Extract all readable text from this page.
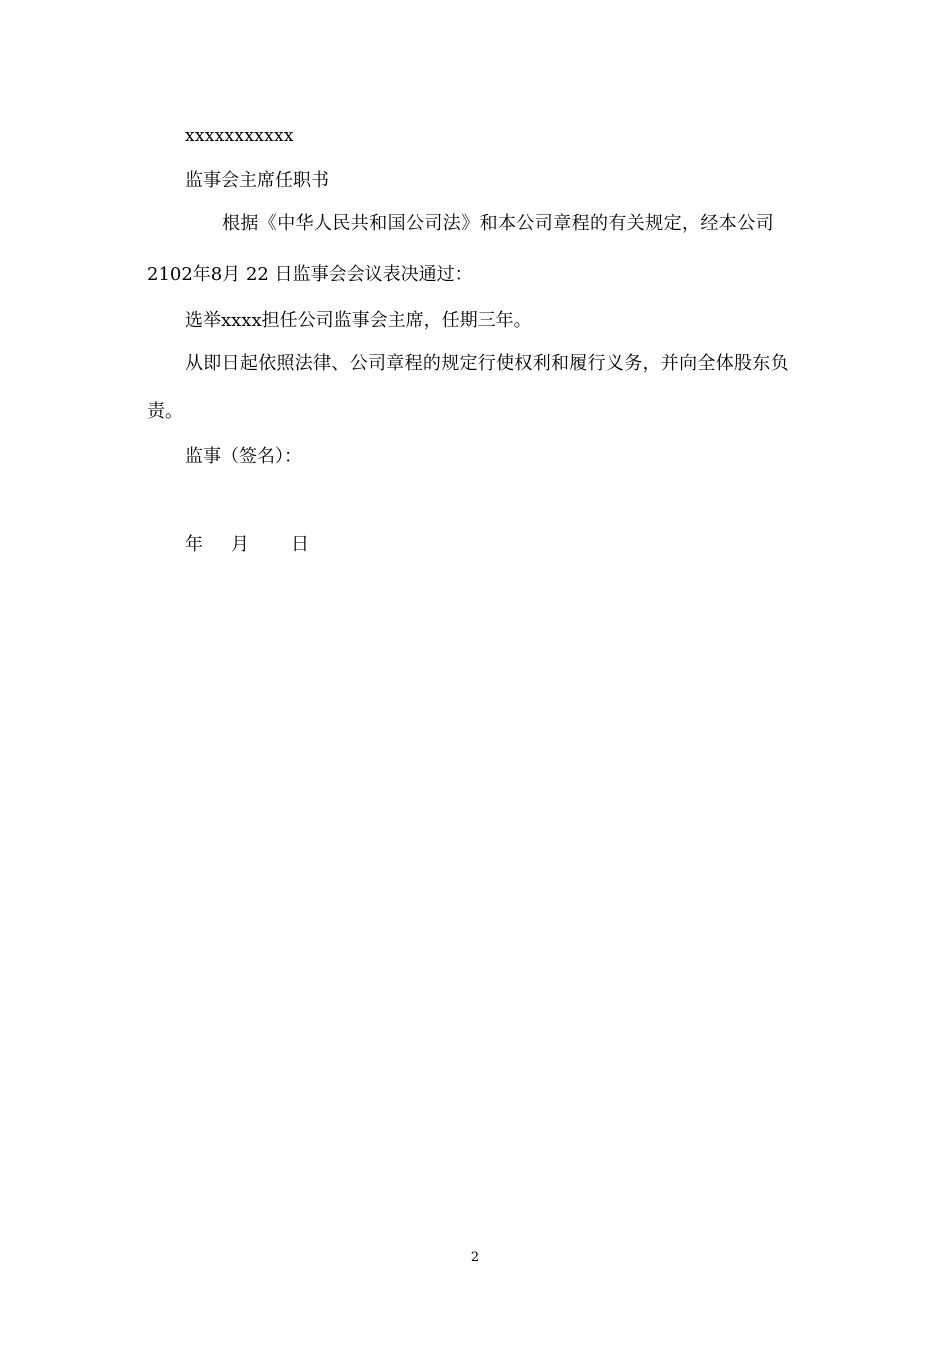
xxxxxxxxxxx

监事会主席任职书

根据《中华人民共和国公司法》和本公司章程的有关规定，经本公司

2102年8月 22 日监事会会议表决通过：

选举xxxx担任公司监事会主席，任期三年。

从即日起依照法律、公司章程的规定行使权利和履行义务，并向全体股东负

责。

监事（签名）：

年 月 日

2
